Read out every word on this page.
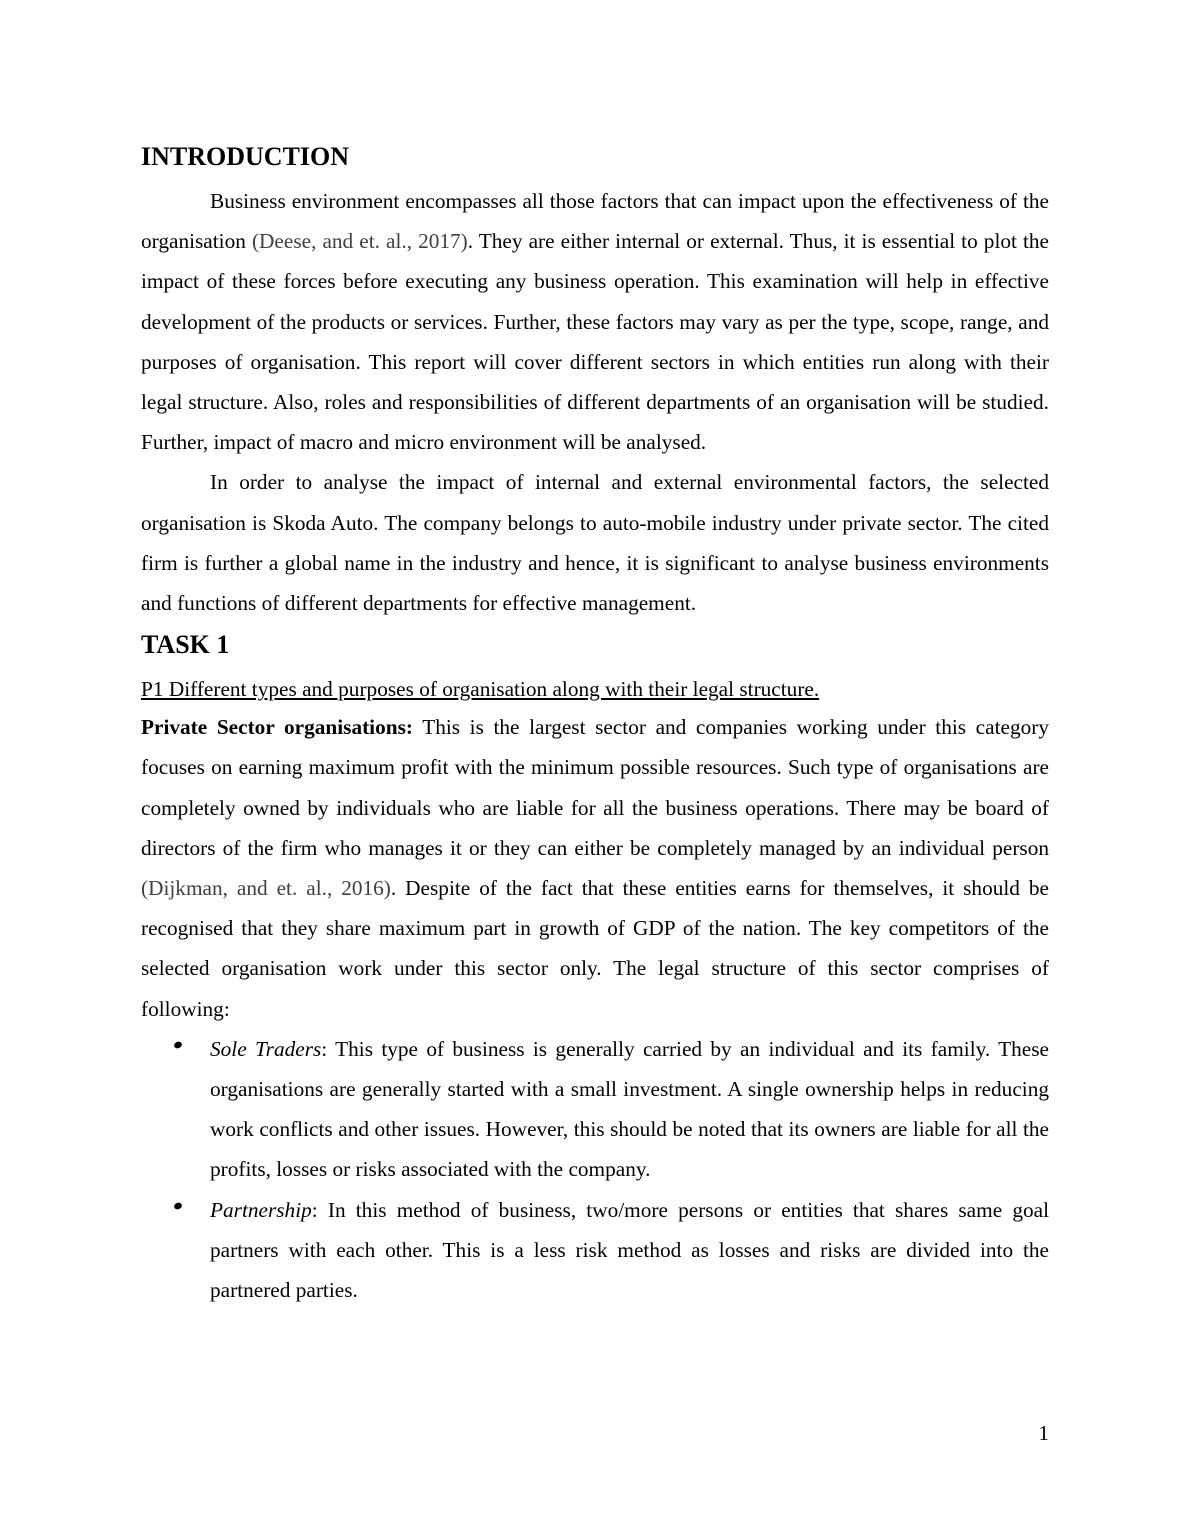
INTRODUCTION

Business environment encompasses all those factors that can impact upon the effectiveness of the organisation (Deese, and et. al., 2017). They are either internal or external. Thus, it is essential to plot the impact of these forces before executing any business operation. This examination will help in effective development of the products or services. Further, these factors may vary as per the type, scope, range, and purposes of organisation. This report will cover different sectors in which entities run along with their legal structure. Also, roles and responsibilities of different departments of an organisation will be studied. Further, impact of macro and micro environment will be analysed.

In order to analyse the impact of internal and external environmental factors, the selected organisation is Skoda Auto. The company belongs to auto-mobile industry under private sector. The cited firm is further a global name in the industry and hence, it is significant to analyse business environments and functions of different departments for effective management.

TASK 1

P1 Different types and purposes of organisation along with their legal structure.

Private Sector organisations: This is the largest sector and companies working under this category focuses on earning maximum profit with the minimum possible resources. Such type of organisations are completely owned by individuals who are liable for all the business operations. There may be board of directors of the firm who manages it or they can either be completely managed by an individual person (Dijkman, and et. al., 2016). Despite of the fact that these entities earns for themselves, it should be recognised that they share maximum part in growth of GDP of the nation. The key competitors of the selected organisation work under this sector only. The legal structure of this sector comprises of following:

Sole Traders: This type of business is generally carried by an individual and its family. These organisations are generally started with a small investment. A single ownership helps in reducing work conflicts and other issues. However, this should be noted that its owners are liable for all the profits, losses or risks associated with the company.
Partnership: In this method of business, two/more persons or entities that shares same goal partners with each other. This is a less risk method as losses and risks are divided into the partnered parties.
1
